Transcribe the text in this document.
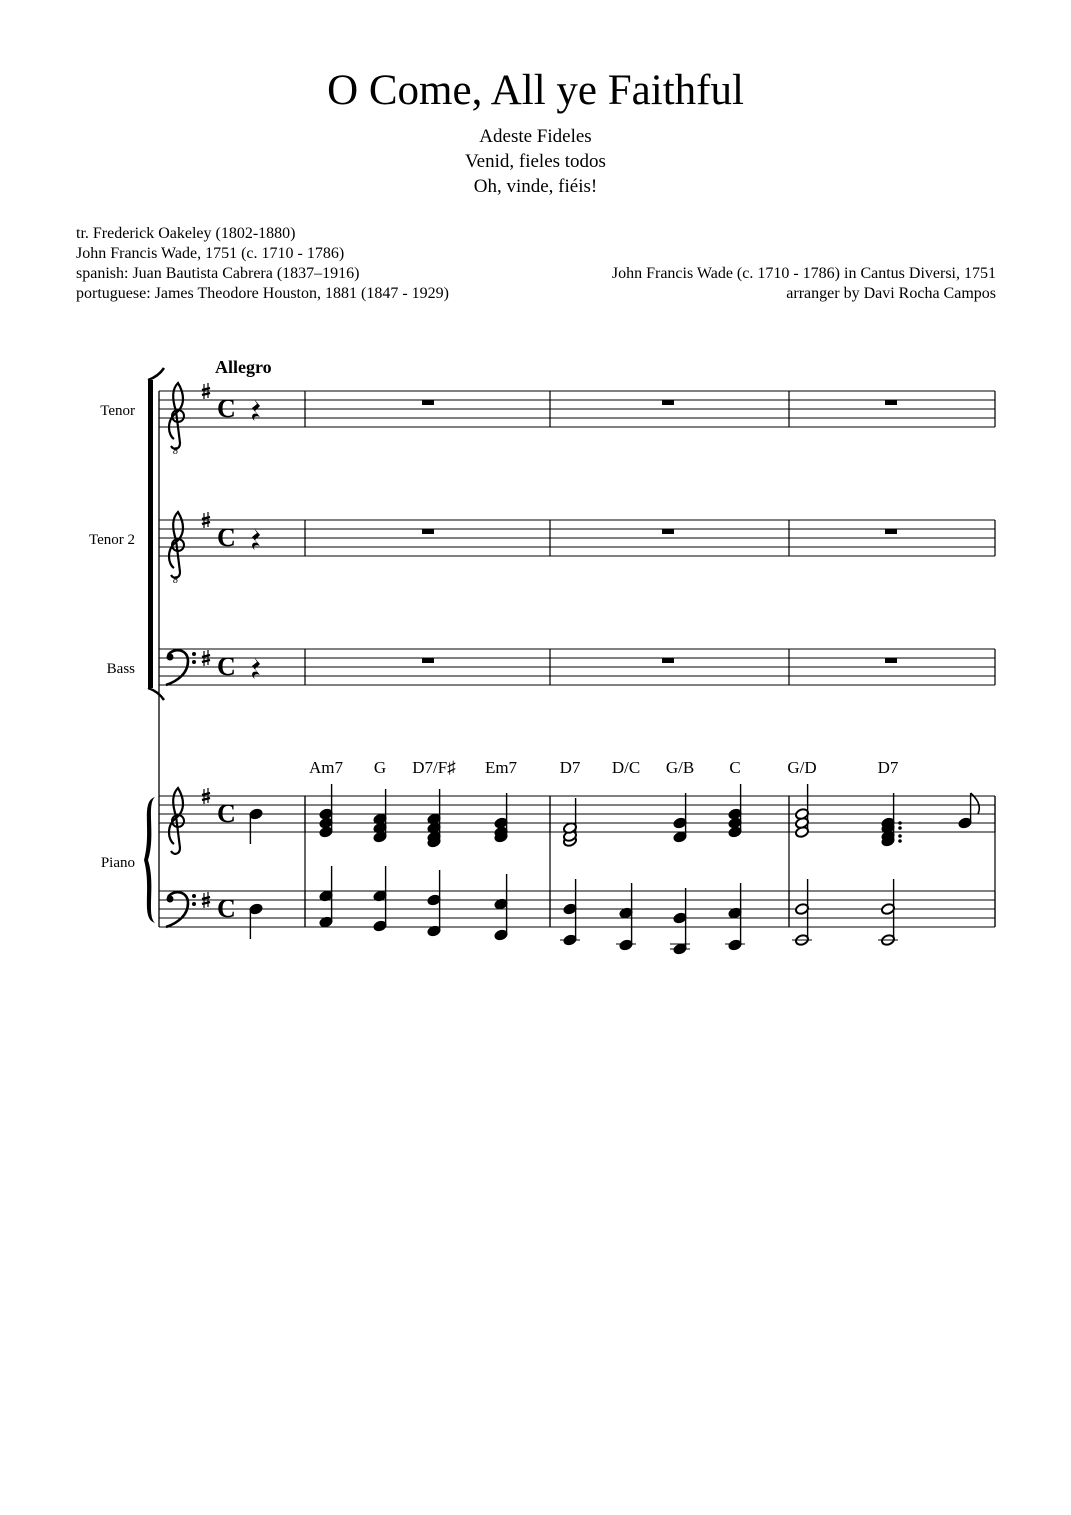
O Come, All ye Faithful
Adeste Fideles
Venid, fieles todos
Oh, vinde, fiéis!
tr. Frederick Oakeley (1802-1880)
John Francis Wade, 1751 (c. 1710 - 1786)
spanish: Juan Bautista Cabrera (1837–1916)
portuguese: James Theodore Houston, 1881 (1847 - 1929)
John Francis Wade (c. 1710 - 1786) in Cantus Diversi, 1751
arranger by Davi Rocha Campos
Allegro
Tenor
Tenor 2
Bass
Piano
8
C
8
C
C
C
C
Am7 G D7/F♯ Em7	D7 D/C G/B C	G/D	D7
